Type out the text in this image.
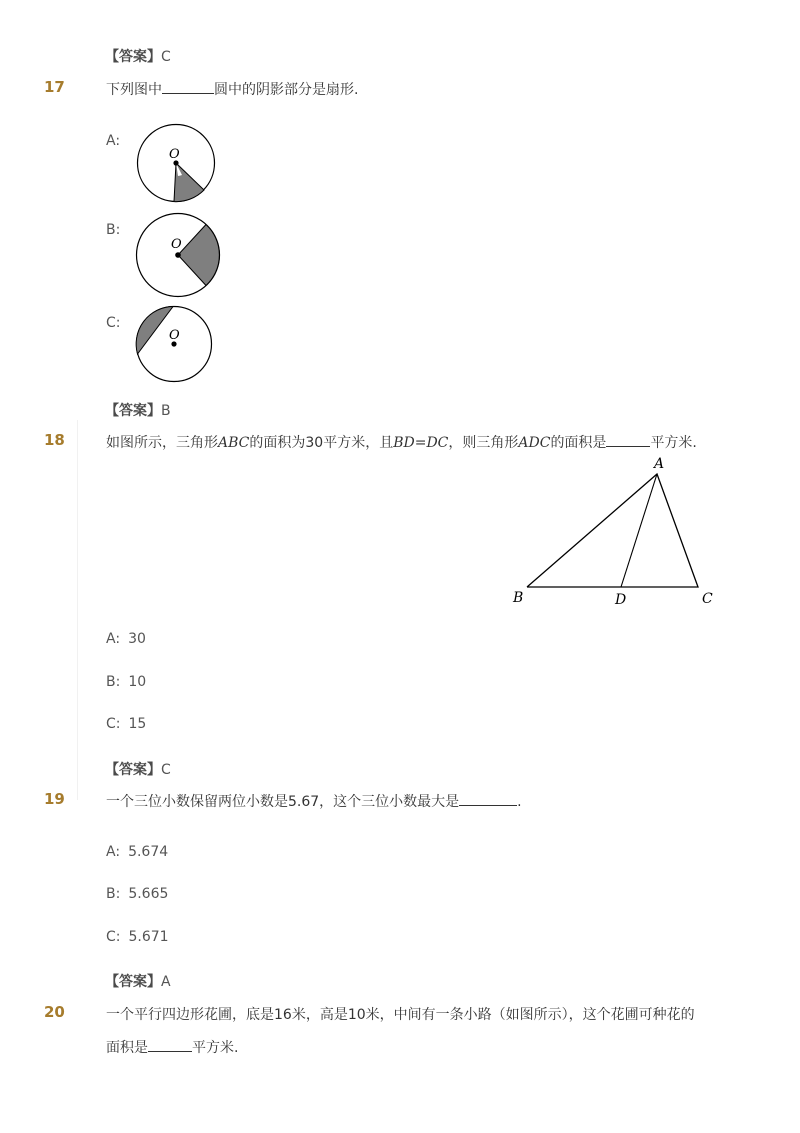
【答案】C
17	下列图中	圆中的阴影部分是扇形.
A:
O
B:
O
C:
O
【答案】B
18	如图所示，三角形ABC的面积为30平方米，且BD=DC，则三角形ADC的面积是	平方米.
A
B	D	C
A: 30
B: 10
C: 15
【答案】C
19	一个三位小数保留两位小数是5.67，这个三位小数最大是	.
A: 5.674
B: 5.665
C: 5.671
【答案】A
20	一个平行四边形花圃，底是16米，高是10米，中间有一条小路（如图所示），这个花圃可种花的
面积是	平方米.
